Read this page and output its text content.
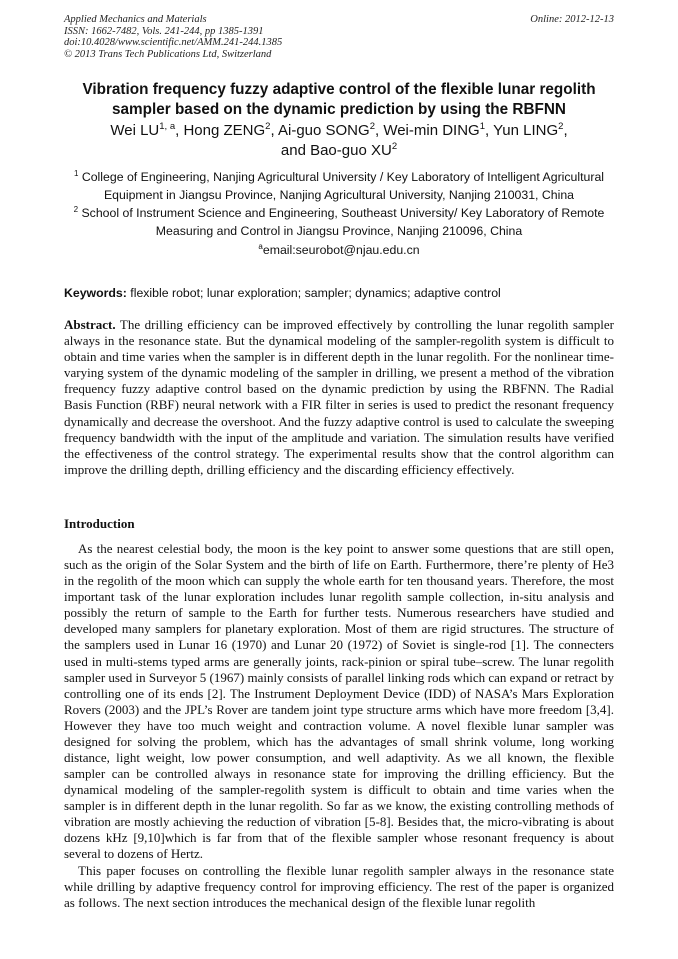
Applied Mechanics and Materials	Online: 2012-12-13
ISSN: 1662-7482, Vols. 241-244, pp 1385-1391
doi:10.4028/www.scientific.net/AMM.241-244.1385
© 2013 Trans Tech Publications Ltd, Switzerland
Vibration frequency fuzzy adaptive control of the flexible lunar regolith sampler based on the dynamic prediction by using the RBFNN
Wei LU$^{1, a}$, Hong ZENG$^2$, Ai-guo SONG$^2$, Wei-min DING$^1$, Yun LING$^2$,
and Bao-guo $XU^2$
$^1$ College of Engineering, Nanjing Agricultural University / Key Laboratory of Intelligent Agricultural Equipment in Jiangsu Province, Nanjing Agricultural University, Nanjing 210031, China
$^2$ School of Instrument Science and Engineering, Southeast University/ Key Laboratory of Remote Measuring and Control in Jiangsu Province, Nanjing 210096, China
$^a$email:seurobot@njau.edu.cn
Keywords: flexible robot; lunar exploration; sampler; dynamics; adaptive control
Abstract. The drilling efficiency can be improved effectively by controlling the lunar regolith sampler always in the resonance state. But the dynamical modeling of the sampler-regolith system is difficult to obtain and time varies when the sampler is in different depth in the lunar regolith. For the nonlinear time-varying system of the dynamic modeling of the sampler in drilling, we present a method of the vibration frequency fuzzy adaptive control based on the dynamic prediction by using the RBFNN. The Radial Basis Function (RBF) neural network with a FIR filter in series is used to predict the resonant frequency dynamically and decrease the overshoot. And the fuzzy adaptive control is used to calculate the sweeping frequency bandwidth with the input of the amplitude and variation. The simulation results have verified the effectiveness of the control strategy. The experimental results show that the control algorithm can improve the drilling depth, drilling efficiency and the discarding efficiency effectively.
Introduction

As the nearest celestial body, the moon is the key point to answer some questions that are still open, such as the origin of the Solar System and the birth of life on Earth. Furthermore, there’re plenty of He3 in the regolith of the moon which can supply the whole earth for ten thousand years. Therefore, the most important task of the lunar exploration includes lunar regolith sample collection, in-situ analysis and possibly the return of sample to the Earth for further tests. Numerous researchers have studied and developed many samplers for planetary exploration. Most of them are rigid structures. The structure of the samplers used in Lunar 16 (1970) and Lunar 20 (1972) of Soviet is single-rod [1]. The connecters used in multi-stems typed arms are generally joints, rack-pinion or spiral tube–screw. The lunar regolith sampler used in Surveyor 5 (1967) mainly consists of parallel linking rods which can expand or retract by controlling one of its ends [2]. The Instrument Deployment Device (IDD) of NASA’s Mars Exploration Rovers (2003) and the JPL’s Rover are tandem joint type structure arms which have more freedom [3,4]. However they have too much weight and contraction volume. A novel flexible lunar sampler was designed for solving the problem, which has the advantages of small shrink volume, long working distance, light weight, low power consumption, and well adaptivity. As we all known, the flexible sampler can be controlled always in resonance state for improving the drilling efficiency. But the dynamical modeling of the sampler-regolith system is difficult to obtain and time varies when the sampler is in different depth in the lunar regolith. So far as we know, the existing controlling methods of vibration are mostly achieving the reduction of vibration [5-8]. Besides that, the micro-vibrating is about dozens kHz [9,10]which is far from that of the flexible sampler whose resonant frequency is about several to dozens of Hertz.

This paper focuses on controlling the flexible lunar regolith sampler always in the resonance state while drilling by adaptive frequency control for improving efficiency. The rest of the paper is organized as follows. The next section introduces the mechanical design of the flexible lunar regolith
